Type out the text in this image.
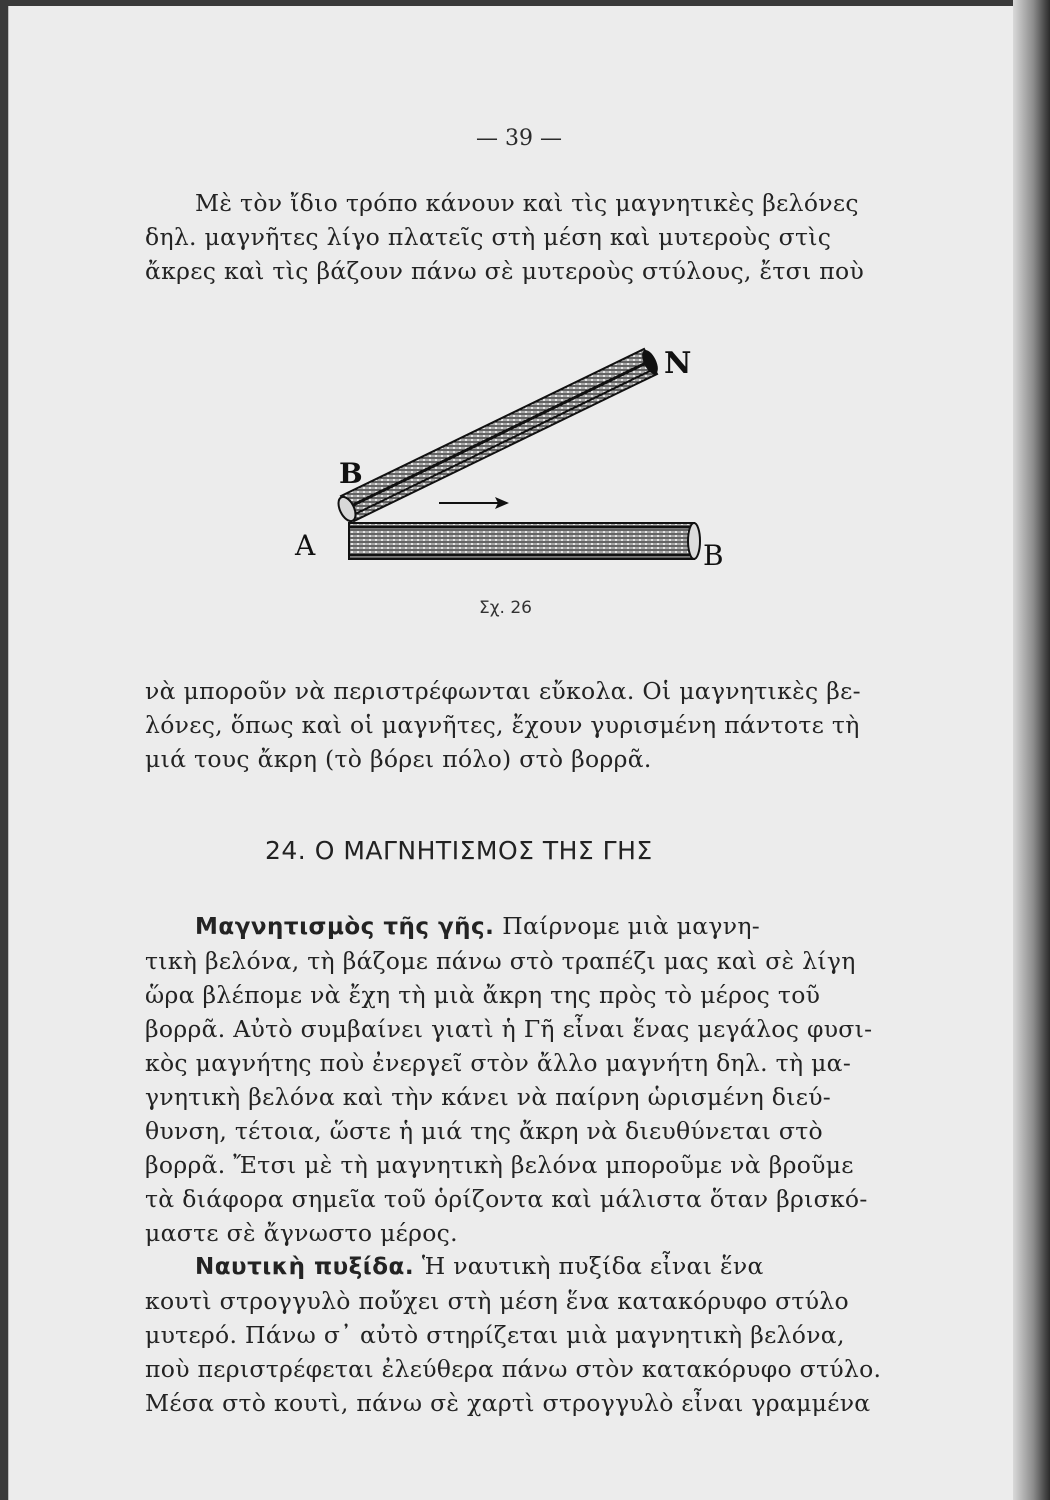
— 39 —
Μὲ τὸν ἴδιο τρόπο κάνουν καὶ τὶς μαγνητικὲς βελόνες
δηλ. μαγνῆτες λίγο πλατεῖς στὴ μέση καὶ μυτεροὺς στὶς
ἄκρες καὶ τὶς βάζουν πάνω σὲ μυτεροὺς στύλους, ἔτσι ποὺ
N
B
A	B
Σχ. 26
νὰ μποροῦν νὰ περιστρέφωνται εὔκολα. Οἱ μαγνητικὲς βε-
λόνες, ὅπως καὶ οἱ μαγνῆτες, ἔχουν γυρισμένη πάντοτε τὴ
μιά τους ἄκρη (τὸ βόρει πόλο) στὸ βορρᾶ.
24. Ο ΜΑΓΝΗΤΙΣΜΟΣ ΤΗΣ ΓΗΣ
Μαγνητισμὸς τῆς γῆς. Παίρνομε μιὰ μαγνη-
τικὴ βελόνα, τὴ βάζομε πάνω στὸ τραπέζι μας καὶ σὲ λίγη
ὥρα βλέπομε νὰ ἔχη τὴ μιὰ ἄκρη της πρὸς τὸ μέρος τοῦ
βορρᾶ. Αὐτὸ συμβαίνει γιατὶ ἡ Γῆ εἶναι ἕνας μεγάλος φυσι-
κὸς μαγνήτης ποὺ ἐνεργεῖ στὸν ἄλλο μαγνήτη δηλ. τὴ μα-
γνητικὴ βελόνα καὶ τὴν κάνει νὰ παίρνη ὡρισμένη διεύ-
θυνση, τέτοια, ὥστε ἡ μιά της ἄκρη νὰ διευθύνεται στὸ
βορρᾶ. Ἔτσι μὲ τὴ μαγνητικὴ βελόνα μποροῦμε νὰ βροῦμε
τὰ διάφορα σημεῖα τοῦ ὁρίζοντα καὶ μάλιστα ὅταν βρισκό-
μαστε σὲ ἄγνωστο μέρος.
Ναυτικὴ πυξίδα. Ἡ ναυτικὴ πυξίδα εἶναι ἕνα
κουτὶ στρογγυλὸ ποὔχει στὴ μέση ἕνα κατακόρυφο στύλο
μυτερό. Πάνω σ᾽ αὐτὸ στηρίζεται μιὰ μαγνητικὴ βελόνα,
ποὺ περιστρέφεται ἐλεύθερα πάνω στὸν κατακόρυφο στύλο.
Μέσα στὸ κουτὶ, πάνω σὲ χαρτὶ στρογγυλὸ εἶναι γραμμένα
